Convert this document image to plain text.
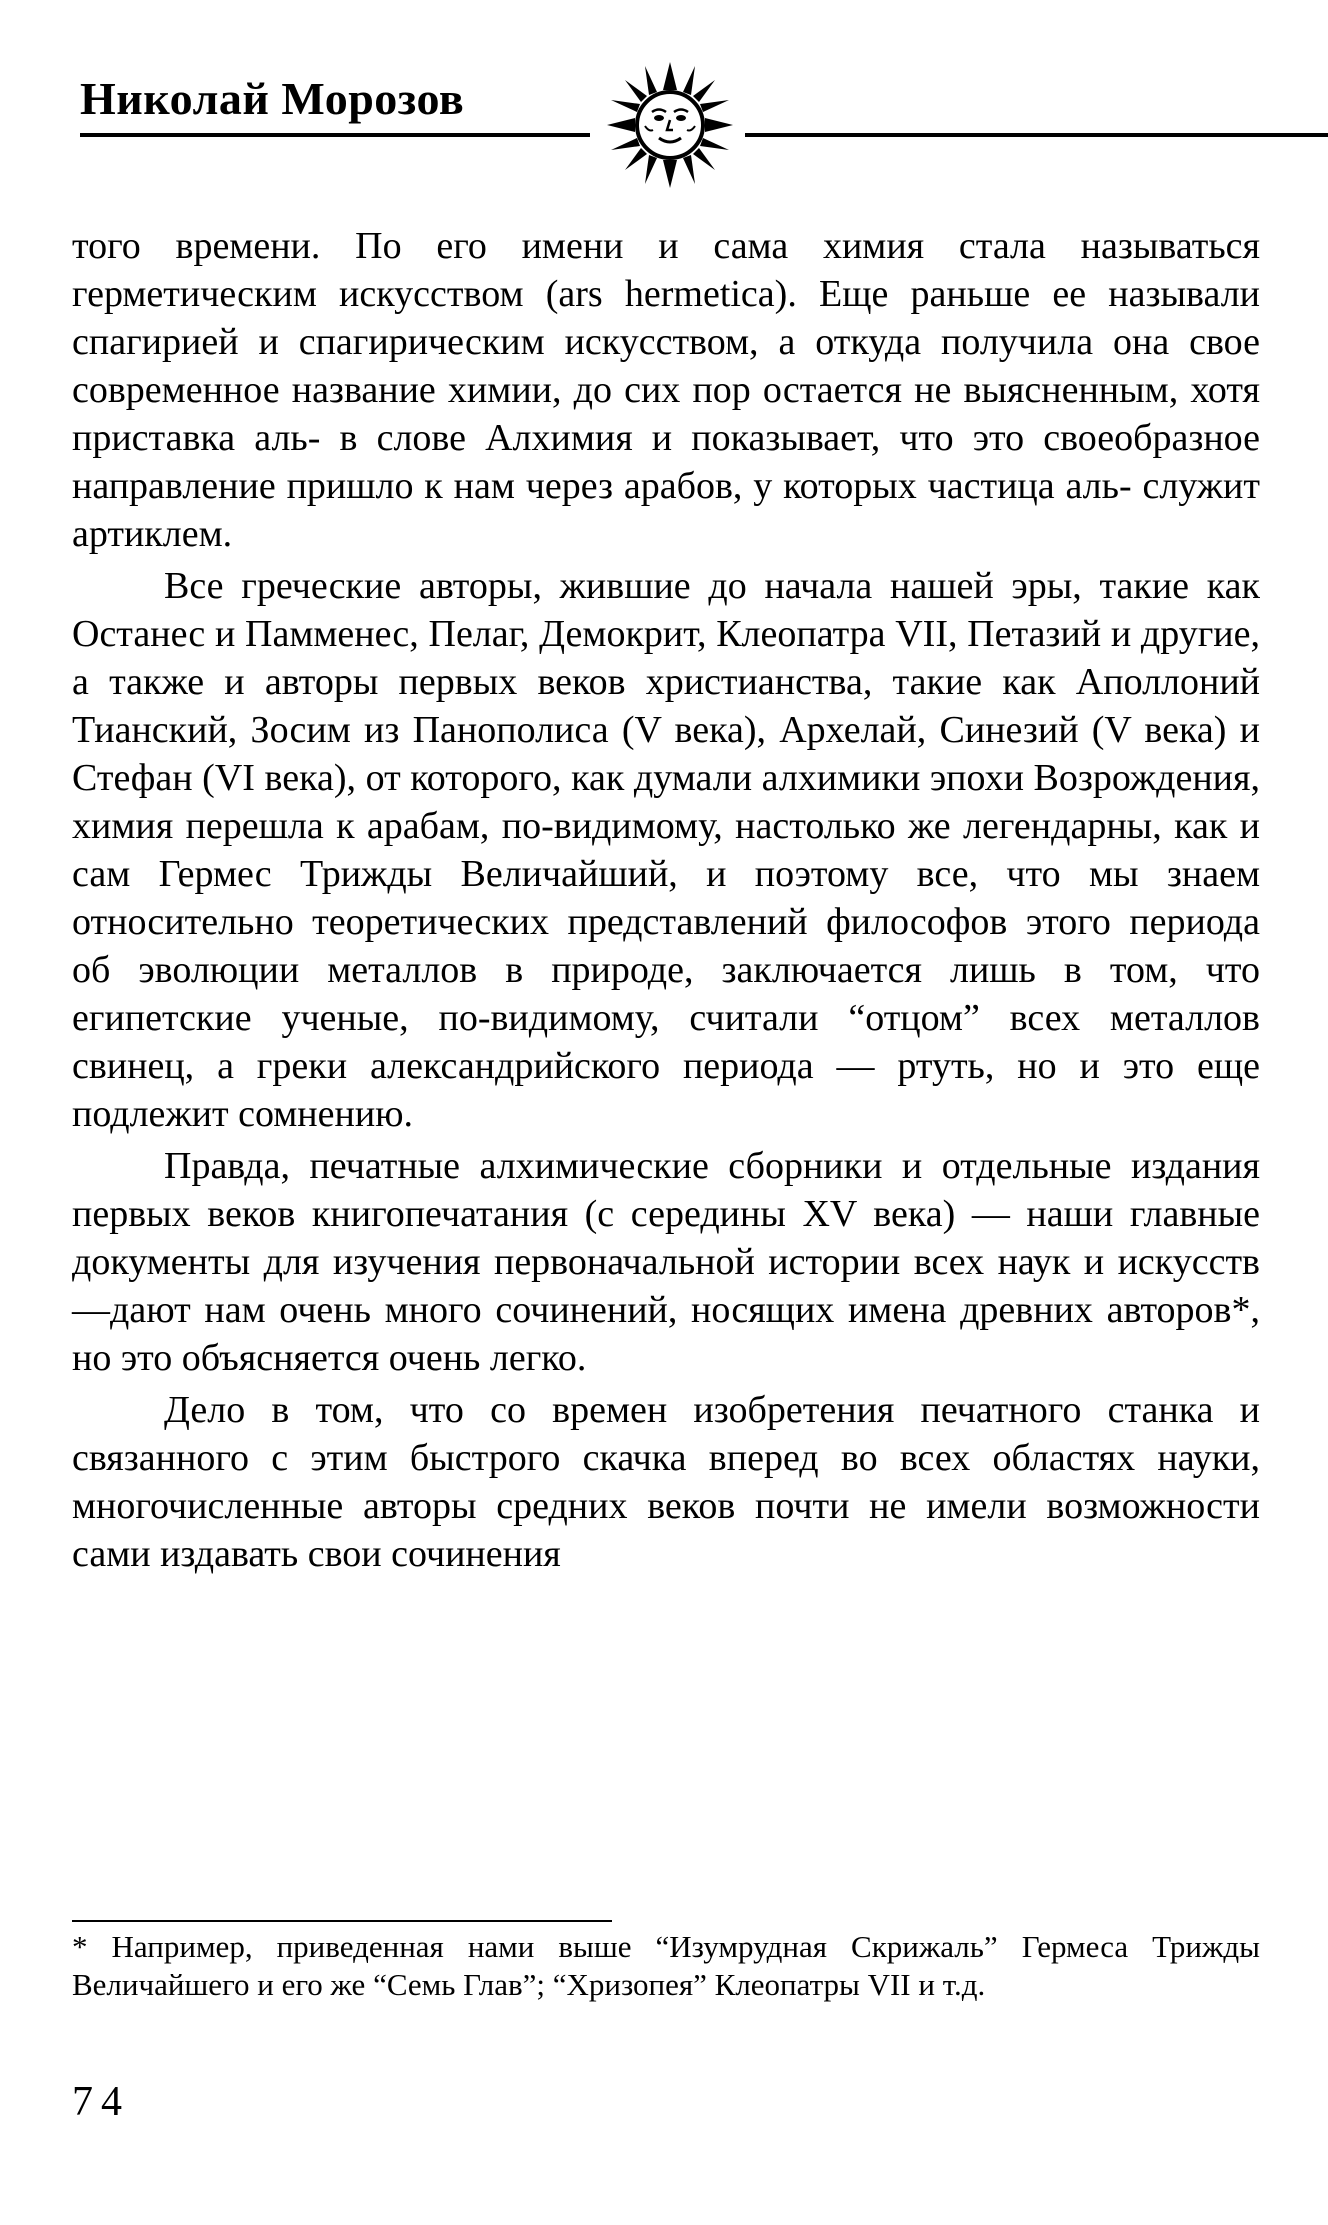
Николай Морозов

того времени. По его имени и сама химия стала называться герметическим искусством (ars hermetica). Еще раньше ее называли спагирией и спагирическим искусством, а откуда получила она свое современное название химии, до сих пор остается не выясненным, хотя приставка аль- в слове Алхимия и показывает, что это своеобразное направление пришло к нам через арабов, у которых частица аль- служит артиклем.

Все греческие авторы, жившие до начала нашей эры, такие как Останес и Памменес, Пелаг, Демокрит, Клеопатра VII, Петазий и другие, а также и авторы первых веков христианства, такие как Аполлоний Тианский, Зосим из Панополиса (V века), Архелай, Синезий (V века) и Стефан (VI века), от которого, как думали алхимики эпохи Возрождения, химия перешла к арабам, по-видимому, настолько же легендарны, как и сам Гермес Трижды Величайший, и поэтому все, что мы знаем относительно теоретических представлений философов этого периода об эволюции металлов в природе, заключается лишь в том, что египетские ученые, по-видимому, считали “отцом” всех металлов свинец, а греки александрийского периода — ртуть, но и это еще подлежит сомнению.

Правда, печатные алхимические сборники и отдельные издания первых веков книгопечатания (с середины XV века) — наши главные документы для изучения первоначальной истории всех наук и искусств —дают нам очень много сочинений, носящих имена древних авторов*, но это объясняется очень легко.

Дело в том, что со времен изобретения печатного станка и связанного с этим быстрого скачка вперед во всех областях науки, многочисленные авторы средних веков почти не имели возможности сами издавать свои сочинения

* Например, приведенная нами выше “Изумрудная Скрижаль” Гермеса Трижды Величайшего и его же “Семь Глав”; “Хризопея” Клеопатры VII и т.д.

74
